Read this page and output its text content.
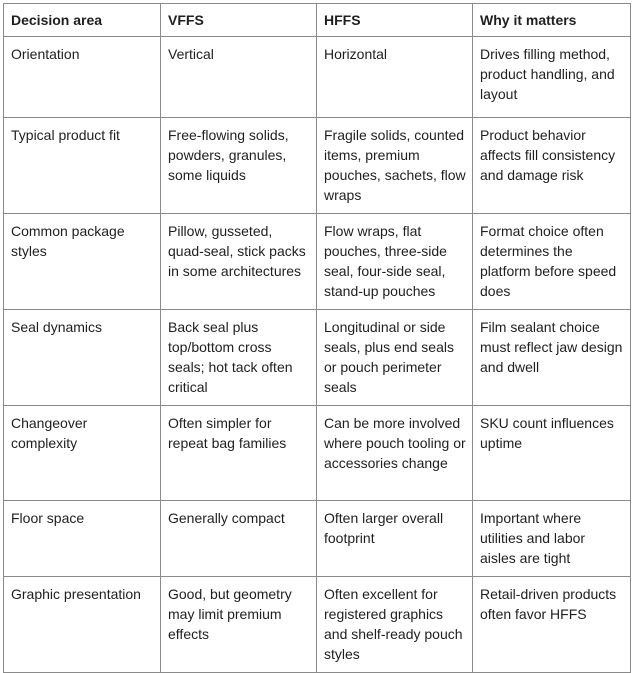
Decision area	VFFS	HFFS	Why it matters
Orientation	Vertical	Horizontal	Drives filling method, product handling, and layout
Typical product fit	Free-flowing solids, powders, granules, some liquids	Fragile solids, counted items, premium pouches, sachets, flow wraps	Product behavior affects fill consistency and damage risk
Common package styles	Pillow, gusseted, quad-seal, stick packs in some architectures	Flow wraps, flat pouches, three-side seal, four-side seal, stand-up pouches	Format choice often determines the platform before speed does
Seal dynamics	Back seal plus top/bottom cross seals; hot tack often critical	Longitudinal or side seals, plus end seals or pouch perimeter seals	Film sealant choice must reflect jaw design and dwell
Changeover complexity	Often simpler for repeat bag families	Can be more involved where pouch tooling or accessories change	SKU count influences uptime
Floor space	Generally compact	Often larger overall footprint	Important where utilities and labor aisles are tight
Graphic presentation	Good, but geometry may limit premium effects	Often excellent for registered graphics and shelf-ready pouch styles	Retail-driven products often favor HFFS
